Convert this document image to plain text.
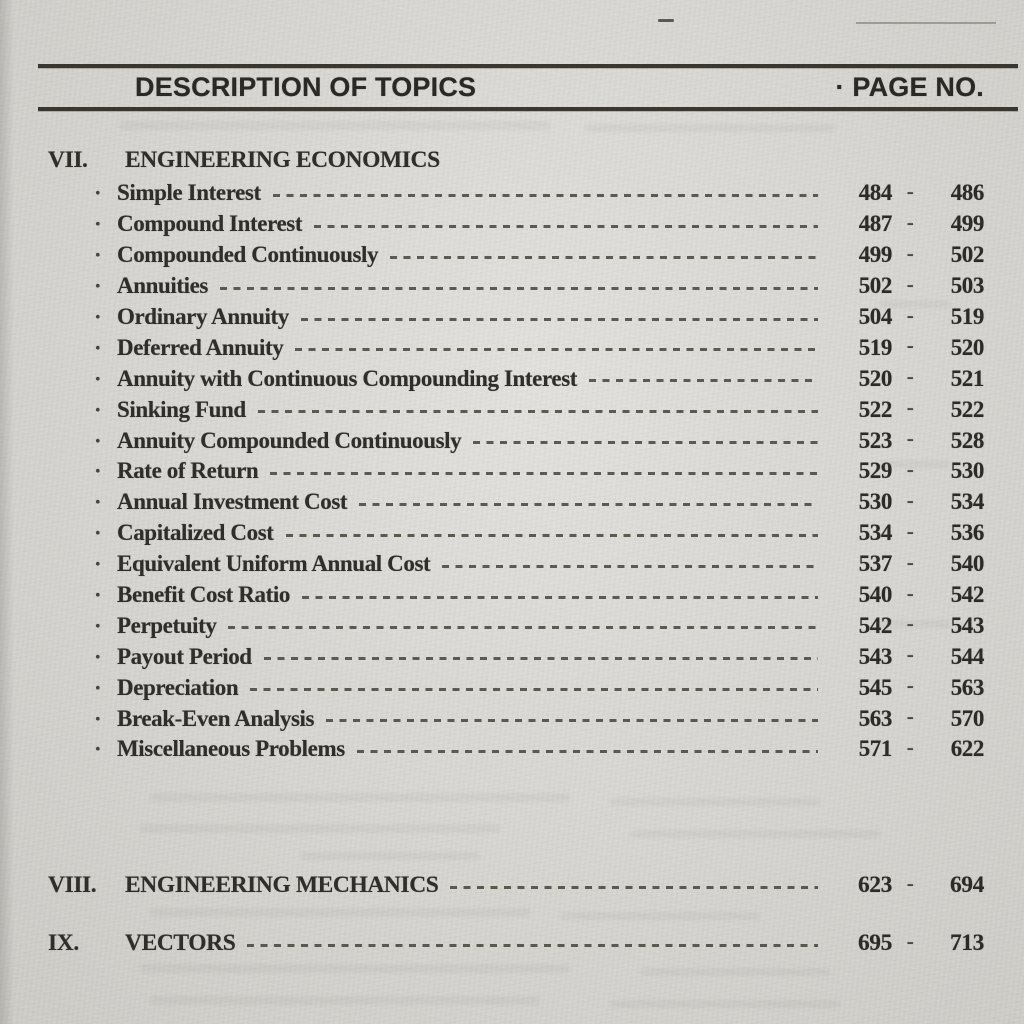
DESCRIPTION OF TOPICS	· PAGE NO.
VII.	ENGINEERING ECONOMICS
· Simple Interest	484 -	486
· Compound Interest	487 -	499
· Compounded Continuously	499 -	502
· Annuities	502 -	503
· Ordinary Annuity	504 -	519
· Deferred Annuity	519 -	520
· Annuity with Continuous Compounding Interest	520 -	521
· Sinking Fund	522 -	522
· Annuity Compounded Continuously	523 -	528
· Rate of Return	529 -	530
· Annual Investment Cost	530 -	534
· Capitalized Cost	534 -	536
· Equivalent Uniform Annual Cost	537 -	540
· Benefit Cost Ratio	540 -	542
· Perpetuity	542 -	543
· Payout Period	543 -	544
· Depreciation	545 -	563
· Break-Even Analysis	563 -	570
· Miscellaneous Problems	571 -	622
VIII.	ENGINEERING MECHANICS	623 -	694
IX.	VECTORS	695 -	713
